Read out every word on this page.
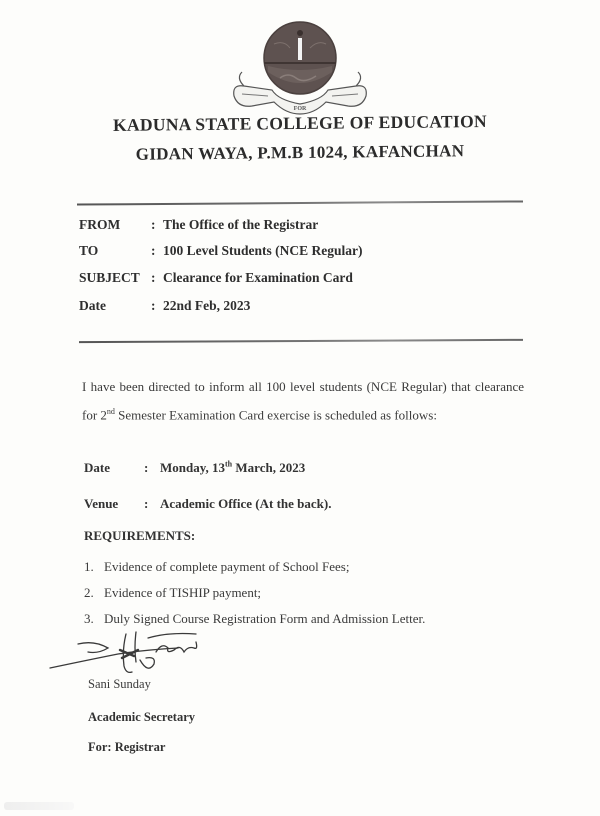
FOR
KADUNA STATE COLLEGE OF EDUCATION
GIDAN WAYA, P.M.B 1024, KAFANCHAN
FROM : The Office of the Registrar
TO	: 100 Level Students (NCE Regular)
SUBJECT : Clearance for Examination Card
Date	: 22nd Feb, 2023
I have been directed to inform all 100 level students (NCE Regular) that clearance for 2nd Semester Examination Card exercise is scheduled as follows:
Date	: Monday, 13th March, 2023
Venue : Academic Office (At the back).
REQUIREMENTS:
1. Evidence of complete payment of School Fees;
2. Evidence of TISHIP payment;
3. Duly Signed Course Registration Form and Admission Letter.
Sani Sunday
Academic Secretary
For: Registrar
